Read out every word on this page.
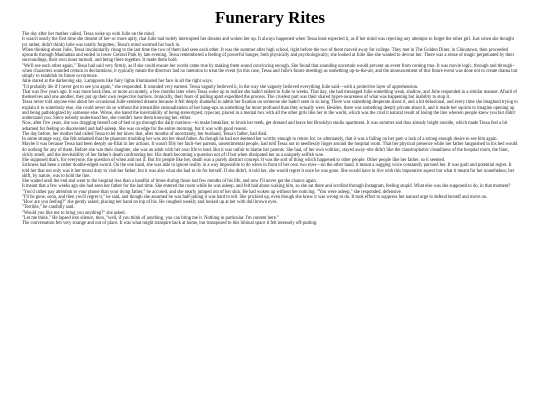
Funerary Rites

The day after her mother called, Tessa woke up with Julie on the mind.

It wasn't nearly the first time she dreamt of her–or more aptly, that Julie had rudely interrupted her dreams and woken her up. It always happened when Tessa least expected it, as if her mind was rejecting any attempts to forget the other girl. Just when she thought (or rather, didn't think) Julie was totally forgotten, Tessa's mind wormed her back in.

When thinking about Julie, Tessa involuntarily clung to the last time the two of them had seen each other. It was the summer after high school, right before the two of them moved away for college. They met in The Golden Diner, in Chinatown, then proceeded upwards through Manhattan and ended in lower Central Park by late evening. Tessa remembered a feeling of powerful hunger, both physically and psychologically; she looked at Julie like she wanted to devour her. There was a sense of magic perpetuated by their surroundings, their own inner turmoil, and being there together. It made them bold.

"We'll see each other again," Tessa had said very firmly, as if she could ensure her words came true by making them sound convincing enough. She found that sounding uncertain would prevent an event from coming true. It was movie logic, through and through–when characters sounded certain in declarations, it typically meant the directors had no intention to treat the event (in this case, Tessa and Julie's future meeting) as something up-to-the-air, and the announcement of this future event was done not to create drama but simply to establish its future occurrence.

Julie stared at the darkening sky. Lampposts like fairy lights illuminated her face in all the right ways.

"I'd probably die if I never got to see you again," she responded. It sounded very earnest. Tessa vaguely believed it, in the way she vaguely believed everything Julie said—with a protective layer of apprehension.

That was five years ago. It was more back then, or more accurately, a few months later when Tessa woke up to realize she hadn't talked to Julie in weeks. That day, she had messaged Julie something weak, shallow, and Julie responded in a similar manner. Afraid of themselves and one another, they put up their own respective barriers. Ironically, their fears of pulling apart expedited the process. The cruelest part was their shared hyper-awareness of what was happening but inability to stop it.

Tessa never told anyone else about her occasional Julie-centered dreams because it felt deeply shameful to admit her fixation on someone she hadn't seen in so long. There was something desperate about it, and a bit delusional, and every time she imagined trying to explain it to somebody else, she could never do so without the irresistible rationalization of her hang-ups as something far more profound than they actually were. Besides, there was something deeply private about it, and it made her squirm to imagine opening up and being pathologized by someone else. Worse, she hated the inevitability of being stereotyped, typecast, placed in a mental box with all the other girls like her in the world, which was the crud it natural result of losing the line wherein people knew you but didn't understand you. Since nobody understood her, she couldn't have them knowing her, either.

Now, after five years, she was dragging herself out of bed to go through the daily motions—to make breakfast, to brush her teeth, get dressed and leave her Brooklyn studio apartment. It was summer and thus already bright outside, which made Tessa feel a bit ashamed for feeling so disoriented and half-asleep. She was on edge for the entire morning, but it was with good reason.

The day before, her mother had called Tessa to let her know that, after months of uncertainty, her husband, Tessa's father, had died.

In some strange way, she felt ashamed that the phantom troubling her was not her dead father. As though he had not deemed her worthy enough to return for, or–alternately, that it was a failing on her part–a lack of a strong enough desire to see him again.

Maybe it was because Tessa had been deeply un-filial in her actions. It wasn't filly her fault–her parents, unsentimental people, had told Tessa not to needlessly linger around the hospital room. That her physical presence while her father languished in his bed would do nothing for any of them. Before she was their daughter, she was an adult with her own life to lead. But it was unfair to blame her parents. She had, of her own volition, stayed away–she didn't like the claustrophobic cleanliness of the hospital room, the faint, sickly smell, and the inevitability of her father's death confronting her. His death becoming a question not of if but when dissipated her as a uniquely selfish woe.

She supposed that's, for everyone, the question of when and not if. But for people like her, death was a purely abstract concept. It was the sort of thing which happened to other people. Other people like her father, so it seemed.

Sickness had been a rather double-edged sword. On the one hand, she was able to ignore reality in a way impossible to do when in front of her own two eyes—on the other hand, it meant a nagging voice constantly pursued her. It was guilt and potential regret. It told her that not only was it her moral duty to visit her father, but it was also what she had to do for herself. If she didn't, it told her, she would regret it once he was gone. She would have to live with this imperative aspect but what it meant for her nonetheless; her shift, by nature, was to hold the line.

She waited until the end and went to the hospital less than a handful of times during those last few months of his life, and now I'll never get the chance again.

It meant that a few weeks ago she had seen her father for the last time. She entered the room while he was asleep, and felt bad about waking him, so she sat there and scrolled through Instagram, feeling stupid. What else was she supposed to do, in that moment?

"You'd rather pay attention to your phone than your dying father," he accused, and she nearly jumped out of her skin. He had woken up without her noticing. "You were asleep," she responded, defensive.

"I'll be gone, soon, and then you'll regret it," he said, and though she assumed he was half-joking it was hard to tell. She prickled up, even though she knew it was wrong to do. It took effort to suppress her natural urge to defend herself and move on.

"How are you feeling?" she gently asked, placing her hand on top of his. He coughed weakly and looked up at her with dull brown eyes.

"Terrible," he candidly said.

"Would you like me to bring you anything?" she asked.

"Let me think." He lapsed into silence, then, "well, if you think of anything, you can bring me it. Nothing in particular. I'm content here."

The conversation felt very strange and out of place. It was what might transpire back at home, but transposed to this liminal space it felt intensely off-putting.
